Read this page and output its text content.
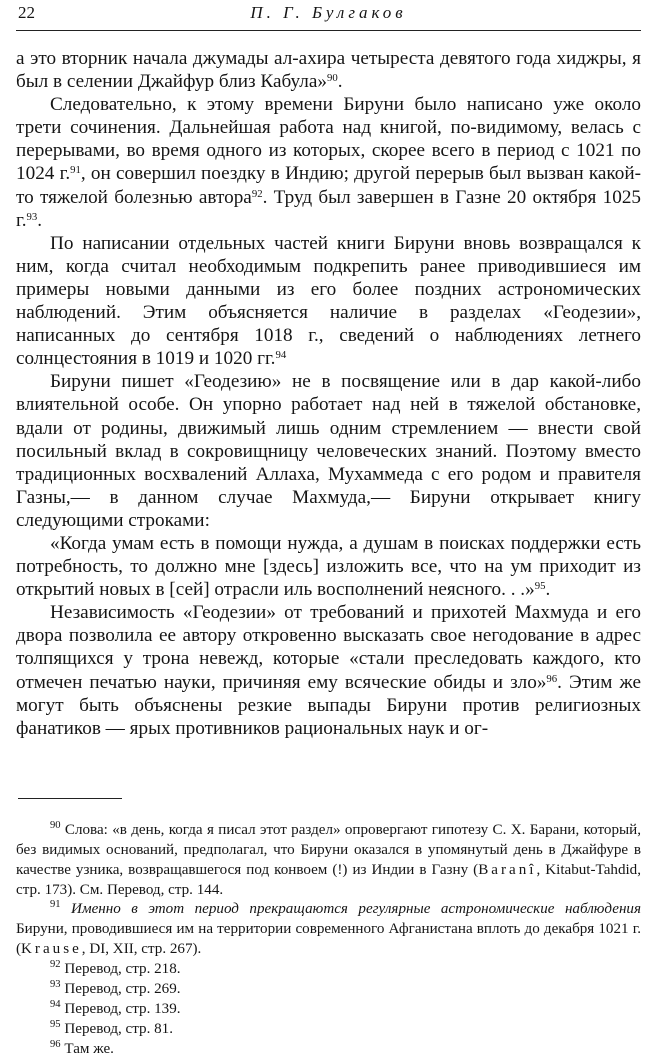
22	П. Г. Булгаков

а это вторник начала джумады ал-ахира четыреста девятого года хиджры, я был в селении Джайфур близ Кабула»$^{90}$.

Следовательно, к этому времени Бируни было написано уже около трети сочинения. Дальнейшая работа над книгой, по-видимому, велась с перерывами, во время одного из которых, скорее всего в период с 1021 по 1024 г.$^{91}$, он совершил поездку в Индию; другой перерыв был вызван какой-то тяжелой болезнью автора$^{92}$. Труд был завершен в Газне 20 октября 1025 г.$^{93}$.

По написании отдельных частей книги Бируни вновь возвращался к ним, когда считал необходимым подкрепить ранее приводившиеся им примеры новыми данными из его более поздних астрономических наблюдений. Этим объясняется наличие в разделах «Геодезии», написанных до сентября 1018 г., сведений о наблюдениях летнего солнцестояния в 1019 и 1020 гг.$^{94}$

Бируни пишет «Геодезию» не в посвящение или в дар какой-либо влиятельной особе. Он упорно работает над ней в тяжелой обстановке, вдали от родины, движимый лишь одним стремлением — внести свой посильный вклад в сокровищницу человеческих знаний. Поэтому вместо традиционных восхвалений Аллаха, Мухаммеда с его родом и правителя Газны,— в данном случае Махмуда,— Бируни открывает книгу следующими строками:

«Когда умам есть в помощи нужда, а душам в поисках поддержки есть потребность, то должно мне [здесь] изложить все, что на ум приходит из открытий новых в [сей] отрасли иль восполнений неясного. . .»$^{95}$.

Независимость «Геодезии» от требований и прихотей Махмуда и его двора позволила ее автору откровенно высказать свое негодование в адрес толпящихся у трона невежд, которые «стали преследовать каждого, кто отмечен печатью науки, причиняя ему всяческие обиды и зло»$^{96}$. Этим же могут быть объяснены резкие выпады Бируни против религиозных фанатиков — ярых противников рациональных наук и ог-

$^{90}$ Слова: «в день, когда я писал этот раздел» опровергают гипотезу С. Х. Барани, который, без видимых оснований, предполагал, что Бируни оказался в упомянутый день в Джайфуре в качестве узника, возвращавшегося под конвоем (!) из Индии в Газну (Baranî, Kitabut-Tahdid, стр. 173). См. Перевод, стр. 144.

$^{91}$ Именно в этот период прекращаются регулярные астрономические наблюдения Бируни, проводившиеся им на территории современного Афганистана вплоть до декабря 1021 г. (Krause, DI, XII, стр. 267).

$^{92}$ Перевод, стр. 218.

$^{93}$ Перевод, стр. 269.

$^{94}$ Перевод, стр. 139.

$^{95}$ Перевод, стр. 81.

$^{96}$ Там же.
